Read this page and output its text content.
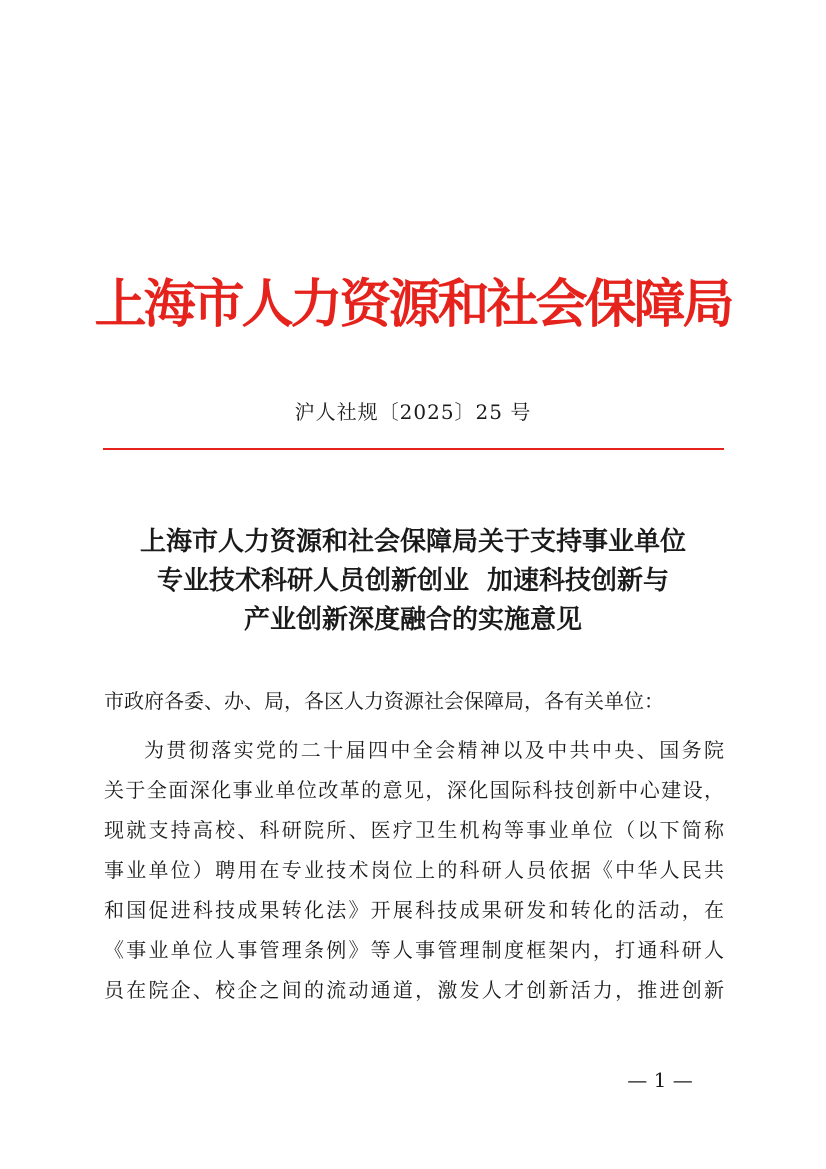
上海市人力资源和社会保障局
沪人社规〔2025〕25 号
上海市人力资源和社会保障局关于支持事业单位
专业技术科研人员创新创业  加速科技创新与
产业创新深度融合的实施意见
市政府各委、办、局，各区人力资源社会保障局，各有关单位：
为贯彻落实党的二十届四中全会精神以及中共中央、国务院
关于全面深化事业单位改革的意见，深化国际科技创新中心建设，
现就支持高校、科研院所、医疗卫生机构等事业单位（以下简称
事业单位）聘用在专业技术岗位上的科研人员依据《中华人民共
和国促进科技成果转化法》开展科技成果研发和转化的活动，在
《事业单位人事管理条例》等人事管理制度框架内，打通科研人
员在院企、校企之间的流动通道，激发人才创新活力，推进创新
— 1 —
